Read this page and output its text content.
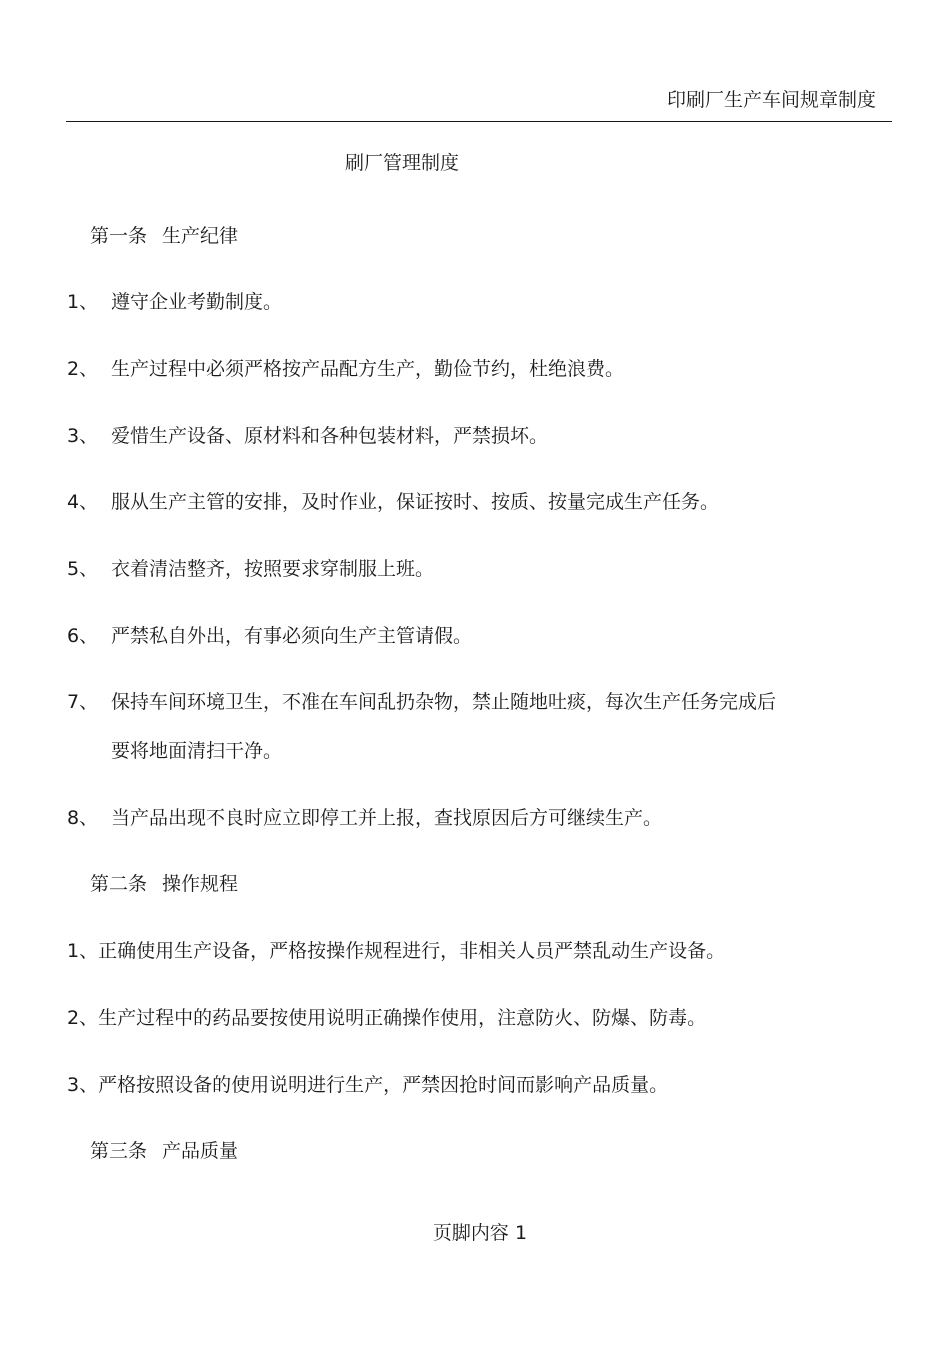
印刷厂生产车间规章制度
刷厂管理制度
第一条 生产纪律
1、 遵守企业考勤制度。
2、 生产过程中必须严格按产品配方生产，勤俭节约，杜绝浪费。
3、 爱惜生产设备、原材料和各种包装材料，严禁损坏。
4、 服从生产主管的安排，及时作业，保证按时、按质、按量完成生产任务。
5、 衣着清洁整齐，按照要求穿制服上班。
6、 严禁私自外出，有事必须向生产主管请假。
7、 保持车间环境卫生，不准在车间乱扔杂物，禁止随地吐痰，每次生产任务完成后
要将地面清扫干净。
8、 当产品出现不良时应立即停工并上报，查找原因后方可继续生产。
第二条 操作规程
1、正确使用生产设备，严格按操作规程进行，非相关人员严禁乱动生产设备。
2、生产过程中的药品要按使用说明正确操作使用，注意防火、防爆、防毒。
3、严格按照设备的使用说明进行生产，严禁因抢时间而影响产品质量。
第三条 产品质量
页脚内容 1
